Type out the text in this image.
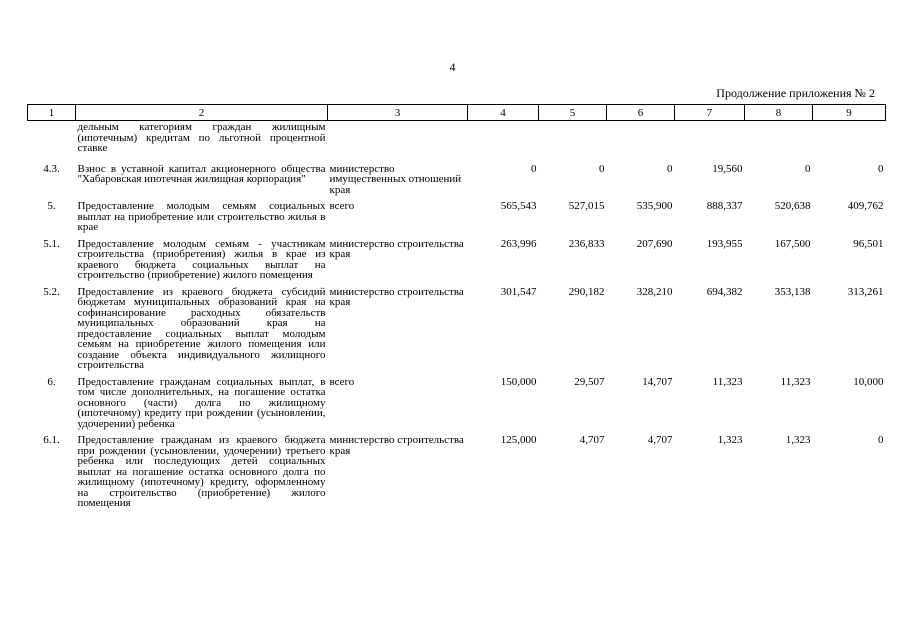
4
Продолжение приложения № 2
1	2	3	4	5	6	7	8	9
	дельным категориям граждан жилищным (ипотечным) кредитам по льготной процентной ставке							
4.3.	Взнос в уставной капитал акционерного общества "Хабаровская ипотечная жилищная корпорация"	министерство имущественных отношений края	0	0	0	19,560	0	0
5.	Предоставление молодым семьям социальных выплат на приобретение или строительство жилья в крае	всего	565,543	527,015	535,900	888,337	520,638	409,762
5.1.	Предоставление молодым семьям - участникам строительства (приобретения) жилья в крае из краевого бюджета социальных выплат на строительство (приобретение) жилого помещения	министерство строительства края	263,996	236,833	207,690	193,955	167,500	96,501
5.2.	Предоставление из краевого бюджета субсидий бюджетам муниципальных образований края на софинансирование расходных обязательств муниципальных образований края на предоставление социальных выплат молодым семьям на приобретение жилого помещения или создание объекта индивидуального жилищного строительства	министерство строительства края	301,547	290,182	328,210	694,382	353,138	313,261
6.	Предоставление гражданам социальных выплат, в том числе дополнительных, на погашение остатка основного (части) долга по жилищному (ипотечному) кредиту при рождении (усыновлении, удочерении) ребенка	всего	150,000	29,507	14,707	11,323	11,323	10,000
6.1.	Предоставление гражданам из краевого бюджета при рождении (усыновлении, удочерении) третьего ребенка или последующих детей социальных выплат на погашение остатка основного долга по жилищному (ипотечному) кредиту, оформленному на строительство (приобретение) жилого помещения	министерство строительства края	125,000	4,707	4,707	1,323	1,323	0
